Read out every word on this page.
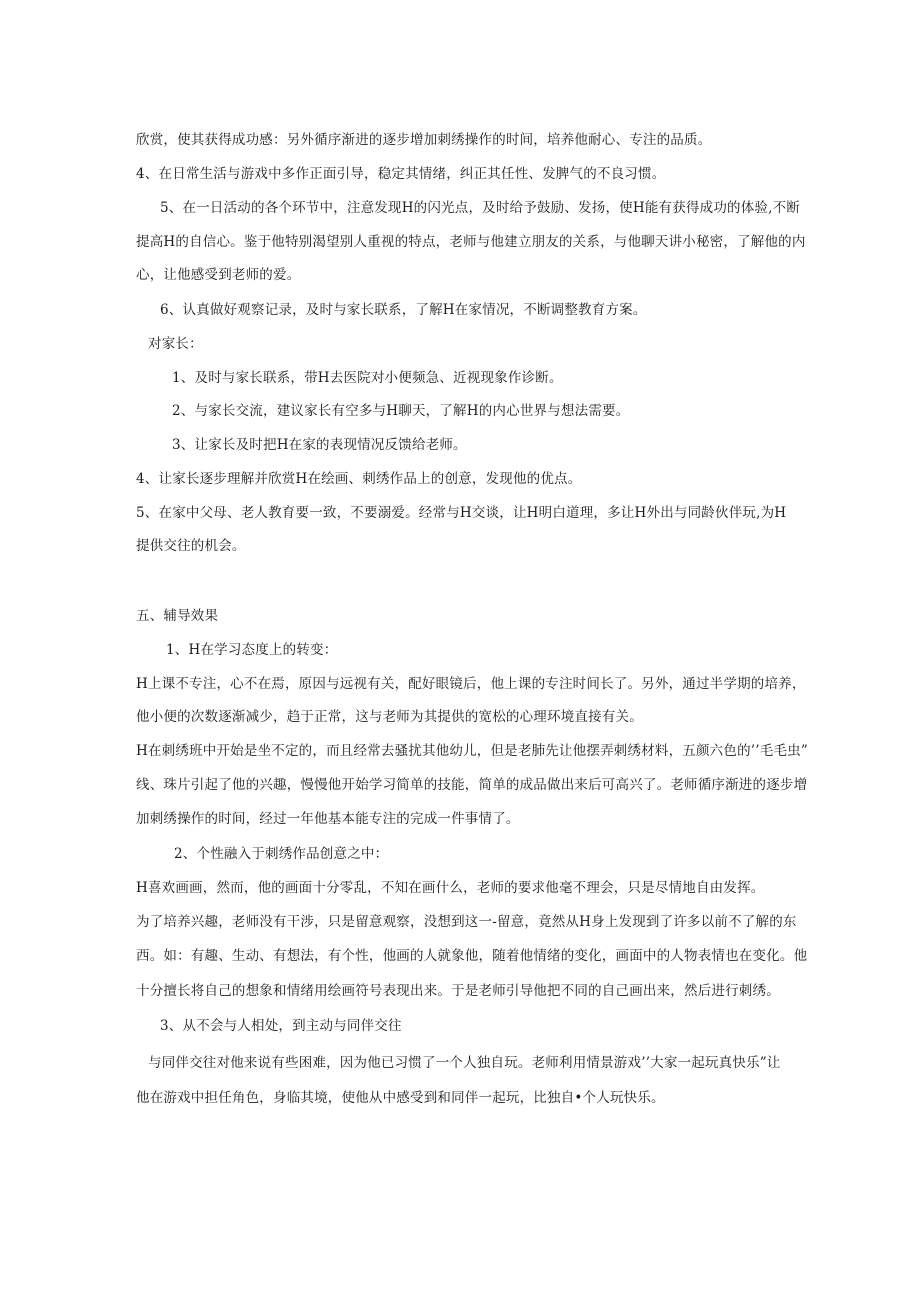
欣赏，使其获得成功感：另外循序渐进的逐步增加刺绣操作的时间，培养他耐心、专注的品质。
4、在日常生活与游戏中多作正面引导，稳定其情绪，纠正其任性、发脾气的不良习惯。
5、在一日活动的各个环节中，注意发现H的闪光点，及时给予鼓励、发扬，使H能有获得成功的体验,不断
提高H的自信心。鉴于他特别渴望别人重视的特点，老师与他建立朋友的关系，与他聊天讲小秘密，了解他的内
心，让他感受到老师的爱。
6、认真做好观察记录，及时与家长联系，了解H在家情况，不断调整教育方案。
对家长：
1、及时与家长联系，带H去医院对小便频急、近视现象作诊断。
2、与家长交流，建议家长有空多与H聊天，了解H的内心世界与想法需要。
3、让家长及时把H在家的表现情况反馈给老师。
4、让家长逐步理解并欣赏H在绘画、刺绣作品上的创意，发现他的优点。
5、在家中父母、老人教育要一致，不要溺爱。经常与H交谈，让H明白道理，多让H外出与同龄伙伴玩,为H
提供交往的机会。
五、辅导效果
1、H在学习态度上的转变：
H上课不专注，心不在焉，原因与远视有关，配好眼镜后，他上课的专注时间长了。另外，通过半学期的培养，
他小便的次数逐渐减少，趋于正常，这与老师为其提供的宽松的心理环境直接有关。
H在刺绣班中开始是坐不定的，而且经常去骚扰其他幼儿，但是老肺先让他摆弄刺绣材料，五颜六色的’’毛毛虫”
线、珠片引起了他的兴趣，慢慢他开始学习简单的技能，简单的成品做出来后可高兴了。老师循序渐进的逐步增
加刺绣操作的时间，经过一年他基本能专注的完成一件事情了。
2、个性融入于刺绣作品创意之中：
H喜欢画画，然而，他的画面十分零乱，不知在画什么，老师的要求他毫不理会，只是尽情地自由发挥。
为了培养兴趣，老师没有干涉，只是留意观察，没想到这一-留意，竟然从H身上发现到了许多以前不了解的东
西。如：有趣、生动、有想法，有个性，他画的人就象他，随着他情绪的变化，画面中的人物表情也在变化。他
十分擅长将自己的想象和情绪用绘画符号表现出来。于是老师引导他把不同的自己画出来，然后进行刺绣。
3、从不会与人相处，到主动与同伴交往
与同伴交往对他来说有些困难，因为他已习惯了一个人独自玩。老师利用情景游戏’’大家一起玩真快乐”让
他在游戏中担任角色，身临其境，使他从中感受到和同伴一起玩，比独自•个人玩快乐。
